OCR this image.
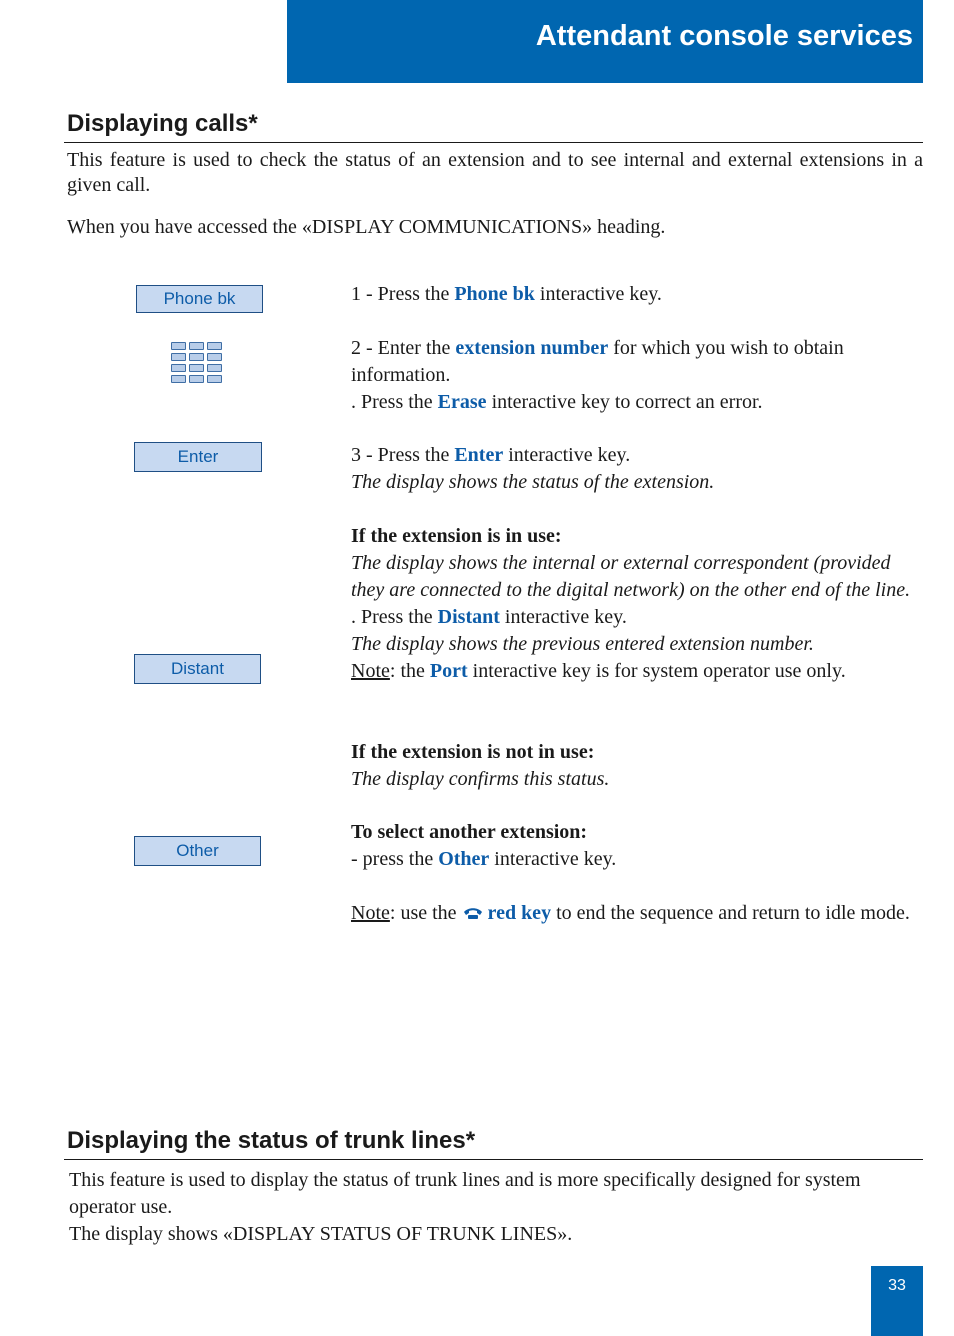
Attendant console services
Displaying calls*
This feature is used to check the status of an extension and to see internal and external extensions in a given call.
When you have accessed the «DISPLAY COMMUNICATIONS» heading.
Phone bk
Enter
Distant
Other
1 - Press the Phone bk interactive key.
2 - Enter the extension number for which you wish to obtain information.
. Press the Erase interactive key to correct an error.
3 - Press the Enter interactive key.
The display shows the status of the extension.
If the extension is in use:
The display shows the internal or external correspondent (provided they are connected to the digital network) on the other end of the line.
. Press the Distant interactive key.
The display shows the previous entered extension number.
Note: the Port interactive key is for system operator use only.
If the extension is not in use:
The display confirms this status.
To select another extension:
- press the Other interactive key.
Note: use the red key to end the sequence and return to idle mode.
Displaying the status of trunk lines*
This feature is used to display the status of trunk lines and is more specifically designed for system operator use.
The display shows «DISPLAY STATUS OF TRUNK LINES».
33
